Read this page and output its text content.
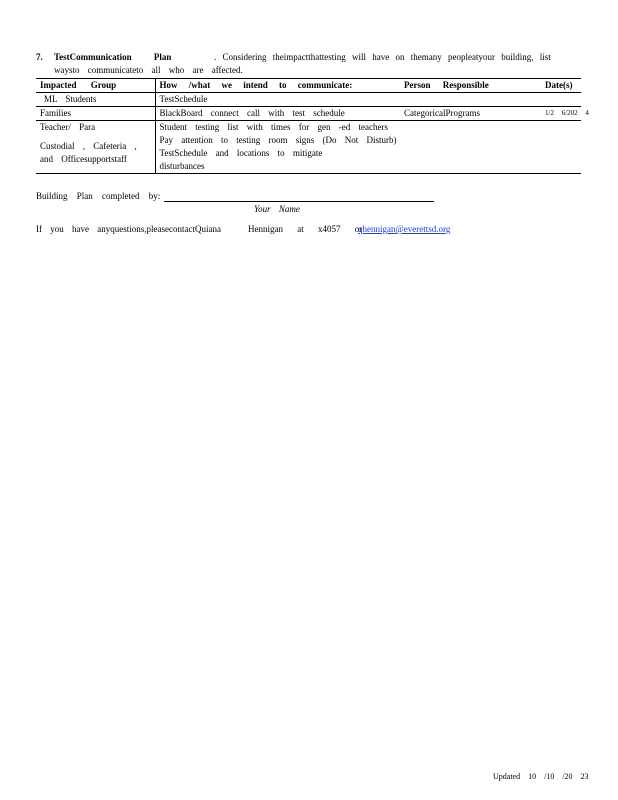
7. TestCommunication Plan	. Considering theimpactthattesting will have on themany peopleatyour building, list
waysto communicateto all who are affected.
Impacted Group	How /what we intend to communicate:	Person Responsible	Date(s)

ML Students	TestSchedule		

Families	BlackBoard connect call with test schedule	CategoricalPrograms	1/2 6/202 4

Teacher/ Para
Custodial , Cafeteria ,
and Officesupportstaff	Student testing list with times for gen -ed teachers
Pay attention to testing room signs (Do Not Disturb)
TestSchedule and locations to mitigate
disturbances		

Building Plan completed by:
Your Name
If you have anyquestions,pleasecontactQuiana	Hennigan at x4057 or
qhennigan@everettsd.org
Updated 10 /10 /20 23
